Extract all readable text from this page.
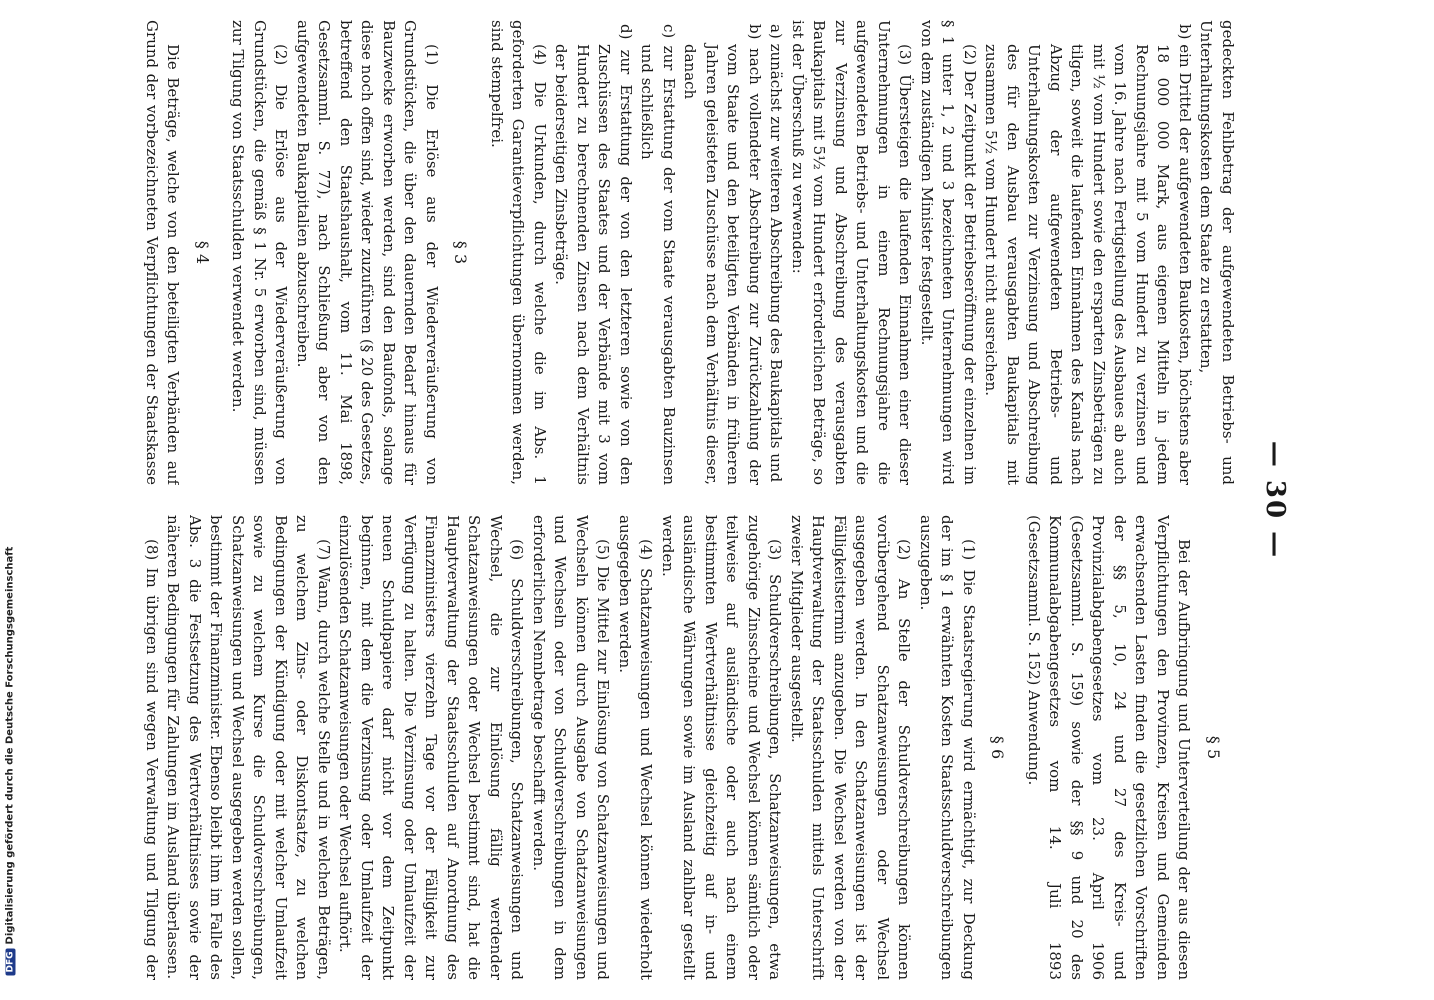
— 30 —

gedeckten Fehlbetrag der aufgewendeten Betriebs- und Unterhaltungskosten dem Staate zu erstatten,

b) ein Drittel der aufgewendeten Baukosten, höchstens aber 18 000 000 Mark, aus eigenen Mitteln in jedem Rechnungsjahre mit 5 vom Hundert zu verzinsen und vom 16. Jahre nach Fertigstellung des Ausbaues ab auch mit ½ vom Hundert sowie den ersparten Zinsbeträgen zu tilgen, soweit die laufenden Einnahmen des Kanals nach Abzug der aufgewendeten Betriebs- und Unterhaltungskosten zur Verzinsung und Abschreibung des für den Ausbau verausgabten Baukapitals mit zusammen 5½ vom Hundert nicht ausreichen.

(2) Der Zeitpunkt der Betriebseröffnung der einzelnen im § 1 unter 1, 2 und 3 bezeichneten Unternehmungen wird von dem zuständigen Minister festgestellt.

(3) Übersteigen die laufenden Einnahmen einer dieser Unternehmungen in einem Rechnungsjahre die aufgewendeten Betriebs- und Unterhaltungskosten und die zur Verzinsung und Abschreibung des verausgabten Baukapitals mit 5½ vom Hundert erforderlichen Beträge, so ist der Überschuß zu verwenden:

a) zunächst zur weiteren Abschreibung des Baukapitals und

b) nach vollendeter Abschreibung zur Zurückzahlung der vom Staate und den beteiligten Verbänden in früheren Jahren geleisteten Zuschüsse nach dem Verhältnis dieser, danach

c) zur Erstattung der vom Staate verausgabten Bauzinsen und schließlich

d) zur Erstattung der von den letzteren sowie von den Zuschüssen des Staates und der Verbände mit 3 vom Hundert zu berechnenden Zinsen nach dem Verhältnis der beiderseitigen Zinsbeträge.

(4) Die Urkunden, durch welche die im Abs. 1 geforderten Garantieverpflichtungen übernommen werden, sind stempelfrei.

§ 3

(1) Die Erlöse aus der Wiederveräußerung von Grundstücken, die über den dauernden Bedarf hinaus für Bauzwecke erworben werden, sind den Baufonds, solange diese noch offen sind, wieder zuzuführen (§ 20 des Gesetzes, betreffend den Staatshaushalt, vom 11. Mai 1898, Gesetzsamml. S. 77), nach Schließung aber von den aufgewendeten Baukapitalien abzuschreiben.

(2) Die Erlöse aus der Wiederveräußerung von Grundstücken, die gemäß § 1 Nr. 5 erworben sind, müssen zur Tilgung von Staatsschulden verwendet werden.

§ 4

Die Beträge, welche von den beteiligten Verbänden auf Grund der vorbezeichneten Verpflichtungen der Staatskasse

§ 5

Bei der Aufbringung und Unterverteilung der aus diesen Verpflichtungen den Provinzen, Kreisen und Gemeinden erwachsenden Lasten finden die gesetzlichen Vorschriften der §§ 5, 10, 24 und 27 des Kreis- und Provinzialabgabengesetzes vom 23. April 1906 (Gesetzsamml. S. 159) sowie der §§ 9 und 20 des Kommunalabgabengesetzes vom 14. Juli 1893 (Gesetzsamml. S. 152) Anwendung.

§ 6

(1) Die Staatsregierung wird ermächtigt, zur Deckung der im § 1 erwähnten Kosten Staatsschuldverschreibungen auszugeben.

(2) An Stelle der Schuldverschreibungen können vorübergehend Schatzanweisungen oder Wechsel ausgegeben werden. In den Schatzanweisungen ist der Fälligkeitstermin anzugeben. Die Wechsel werden von der Hauptverwaltung der Staatsschulden mittels Unterschrift zweier Mitglieder ausgestellt.

(3) Schuldverschreibungen, Schatzanweisungen, etwa zugehörige Zinsscheine und Wechsel können sämtlich oder teilweise auf ausländische oder auch nach einem bestimmten Wertverhältnisse gleichzeitig auf in- und ausländische Währungen sowie im Ausland zahlbar gestellt werden.

(4) Schatzanweisungen und Wechsel können wiederholt ausgegeben werden.

(5) Die Mittel zur Einlösung von Schatzanweisungen und Wechseln können durch Ausgabe von Schatzanweisungen und Wechseln oder von Schuldverschreibungen in dem erforderlichen Nennbetrage beschafft werden.

(6) Schuldverschreibungen, Schatzanweisungen und Wechsel, die zur Einlösung fällig werdender Schatzanweisungen oder Wechsel bestimmt sind, hat die Hauptverwaltung der Staatsschulden auf Anordnung des Finanzministers vierzehn Tage vor der Fälligkeit zur Verfügung zu halten. Die Verzinsung oder Umlaufzeit der neuen Schuldpapiere darf nicht vor dem Zeitpunkt beginnen, mit dem die Verzinsung oder Umlaufzeit der einzulösenden Schatzanweisungen oder Wechsel aufhört.

(7) Wann, durch welche Stelle und in welchen Beträgen, zu welchem Zins- oder Diskontsatze, zu welchen Bedingungen der Kündigung oder mit welcher Umlaufzeit sowie zu welchem Kurse die Schuldverschreibungen, Schatzanweisungen und Wechsel ausgegeben werden sollen, bestimmt der Finanzminister. Ebenso bleibt ihm im Falle des Abs. 3 die Festsetzung des Wertverhältnisses sowie der näheren Bedingungen für Zahlungen im Ausland überlassen.

(8) Im übrigen sind wegen Verwaltung und Tilgung der

DFGDigitalisierung gefördert durch die Deutsche Forschungsgemeinschaft
